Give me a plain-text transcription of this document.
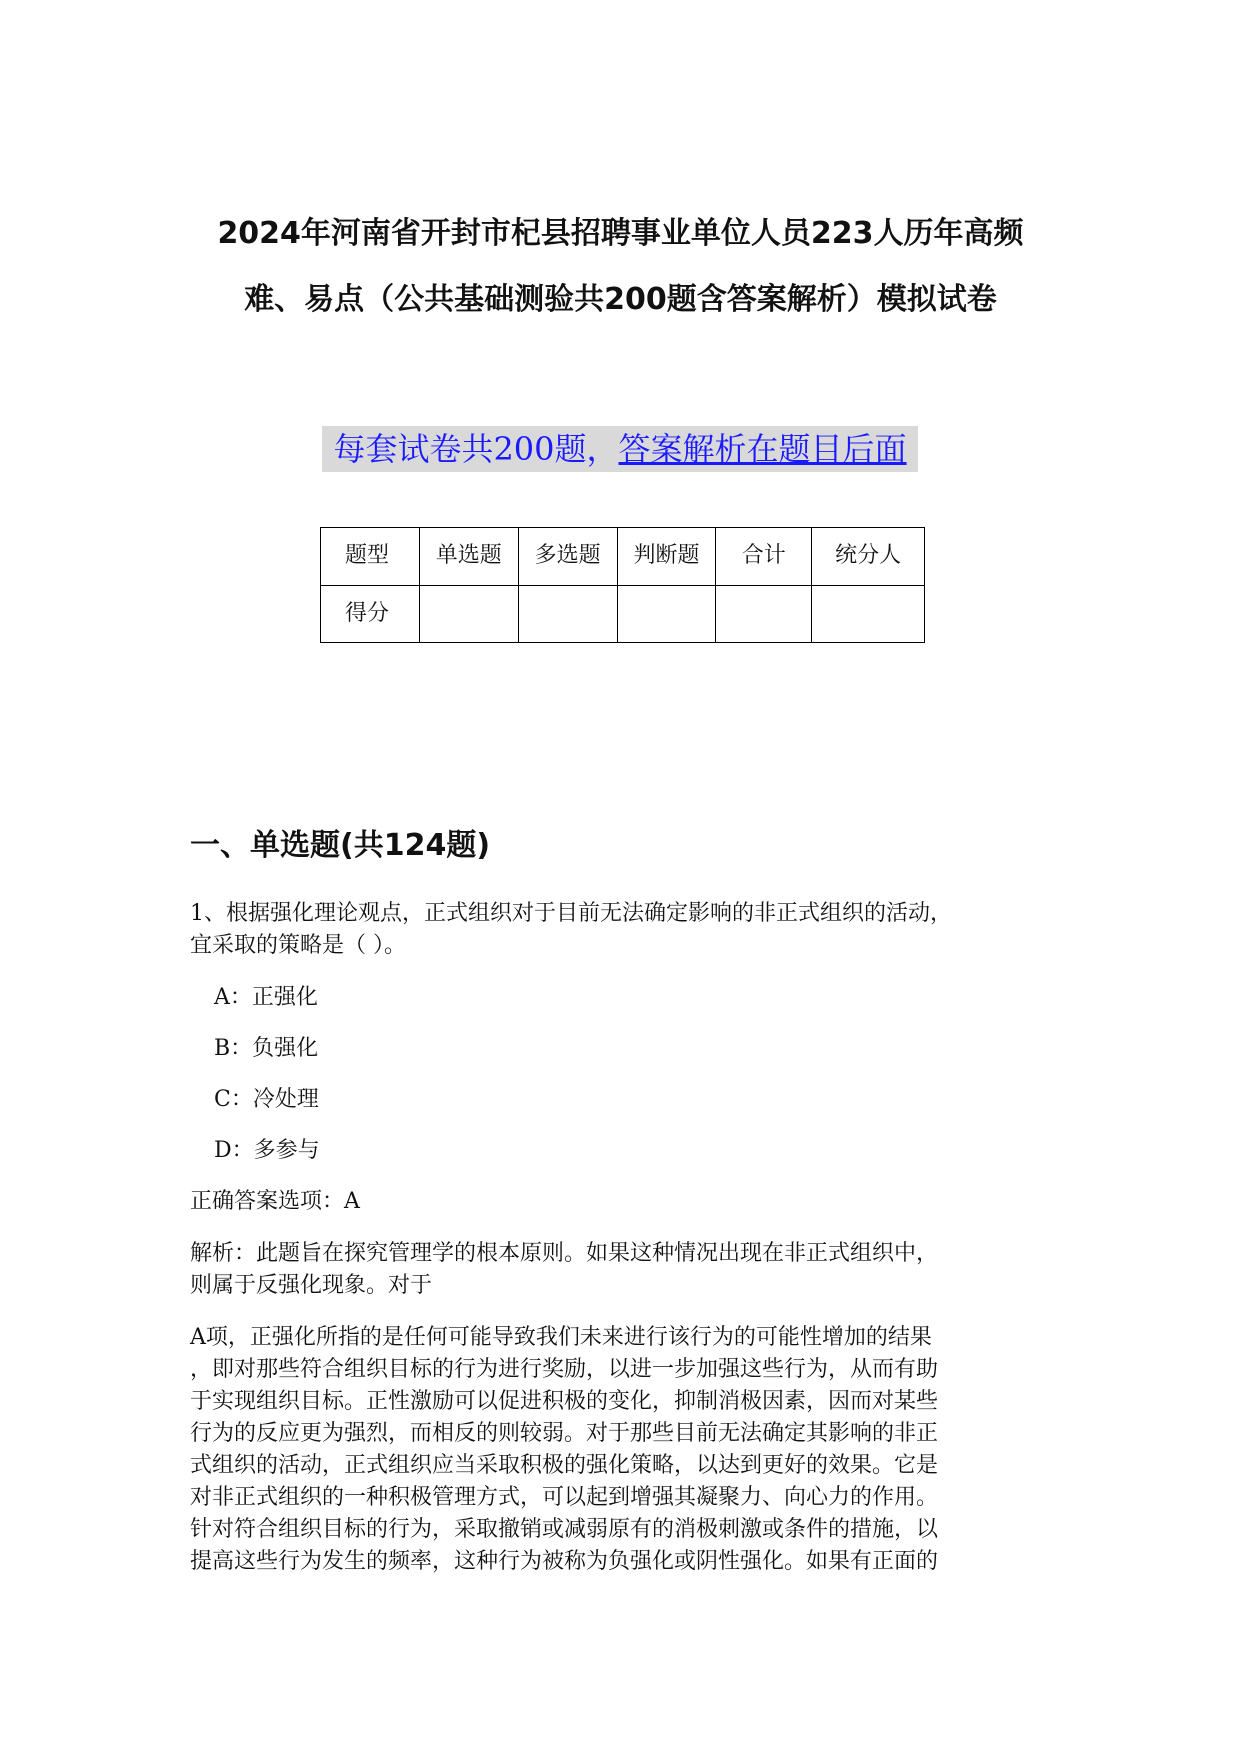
2024年河南省开封市杞县招聘事业单位人员223人历年高频
难、易点（公共基础测验共200题含答案解析）模拟试卷
每套试卷共200题，答案解析在题目后面
题型	单选题	多选题	判断题	合计	统分人
得分					
一、单选题(共124题)
1、根据强化理论观点，正式组织对于目前无法确定影响的非正式组织的活动，
宜采取的策略是（ ）。
A：正强化
B：负强化
C：冷处理
D：多参与
正确答案选项：A
解析：此题旨在探究管理学的根本原则。如果这种情况出现在非正式组织中，
则属于反强化现象。对于
A项，正强化所指的是任何可能导致我们未来进行该行为的可能性增加的结果
，即对那些符合组织目标的行为进行奖励，以进一步加强这些行为，从而有助
于实现组织目标。正性激励可以促进积极的变化，抑制消极因素，因而对某些
行为的反应更为强烈，而相反的则较弱。对于那些目前无法确定其影响的非正
式组织的活动，正式组织应当采取积极的强化策略，以达到更好的效果。它是
对非正式组织的一种积极管理方式，可以起到增强其凝聚力、向心力的作用。
针对符合组织目标的行为，采取撤销或减弱原有的消极刺激或条件的措施，以
提高这些行为发生的频率，这种行为被称为负强化或阴性强化。如果有正面的
